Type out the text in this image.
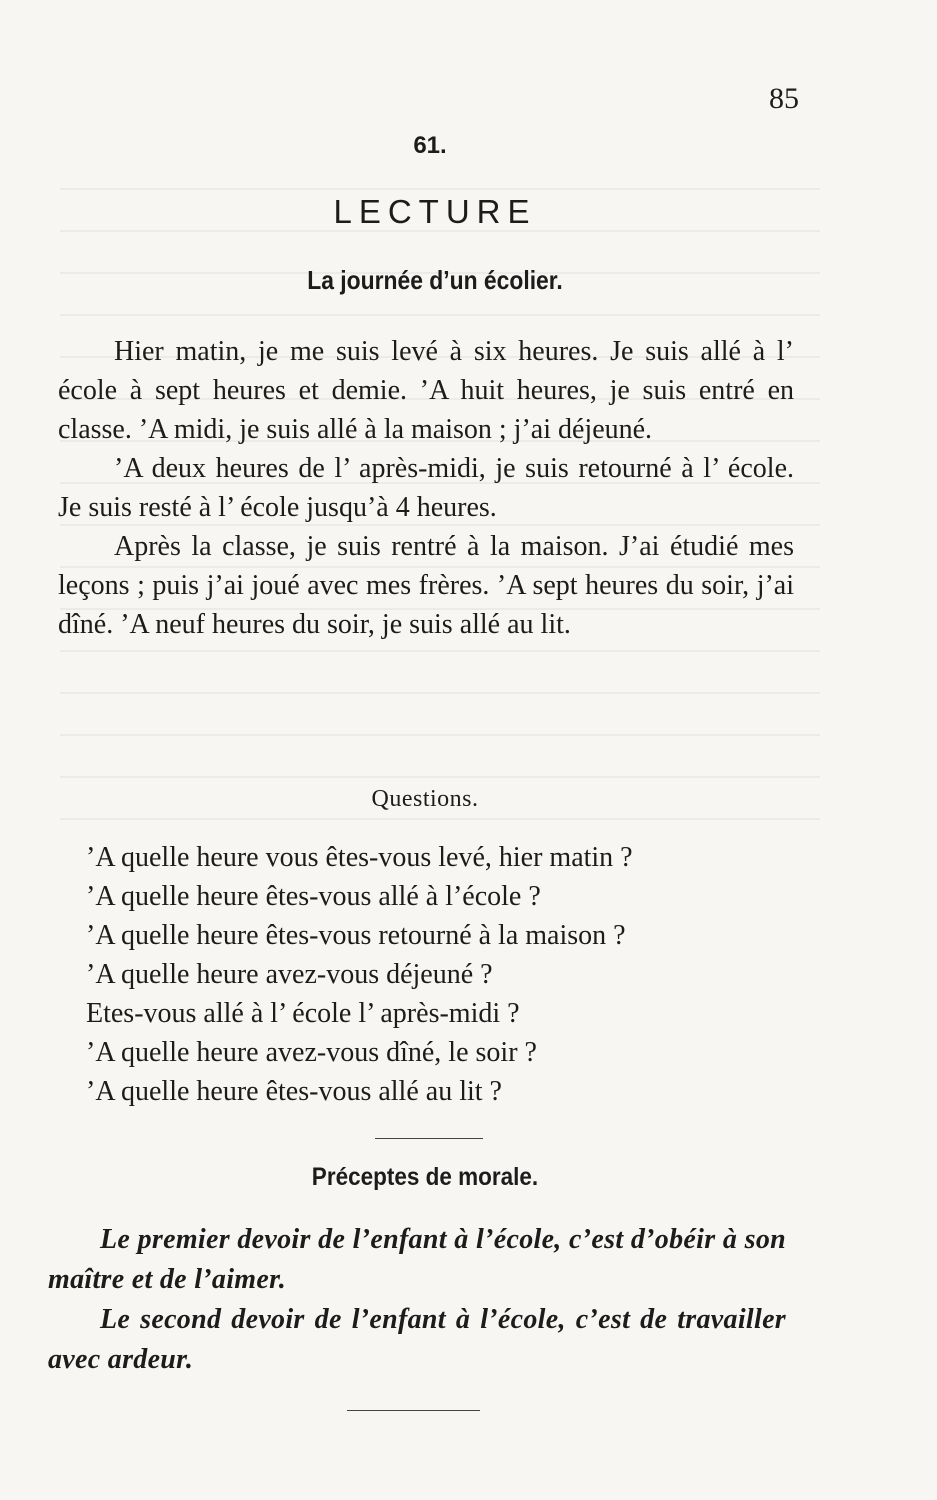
85
61.
LECTURE
La journée d’un écolier.

Hier matin, je me suis levé à six heures. Je suis allé à l’ école à sept heures et demie. ’A huit heures, je suis entré en classe. ’A midi, je suis allé à la maison ; j’ai déjeuné.

’A deux heures de l’ après-midi, je suis retourné à l’ école. Je suis resté à l’ école jusqu’à 4 heures.

Après la classe, je suis rentré à la maison. J’ai étudié mes leçons ; puis j’ai joué avec mes frères. ’A sept heures du soir, j’ai dîné. ’A neuf heures du soir, je suis allé au lit.

Questions.
’A quelle heure vous êtes-vous levé, hier matin ?
’A quelle heure êtes-vous allé à l’école ?
’A quelle heure êtes-vous retourné à la maison ?
’A quelle heure avez-vous déjeuné ?
Etes-vous allé à l’ école l’ après-midi ?
’A quelle heure avez-vous dîné, le soir ?
’A quelle heure êtes-vous allé au lit ?
Préceptes de morale.

Le premier devoir de l’enfant à l’école, c’est d’obéir à son maître et de l’aimer.

Le second devoir de l’enfant à l’école, c’est de travailler avec ardeur.
